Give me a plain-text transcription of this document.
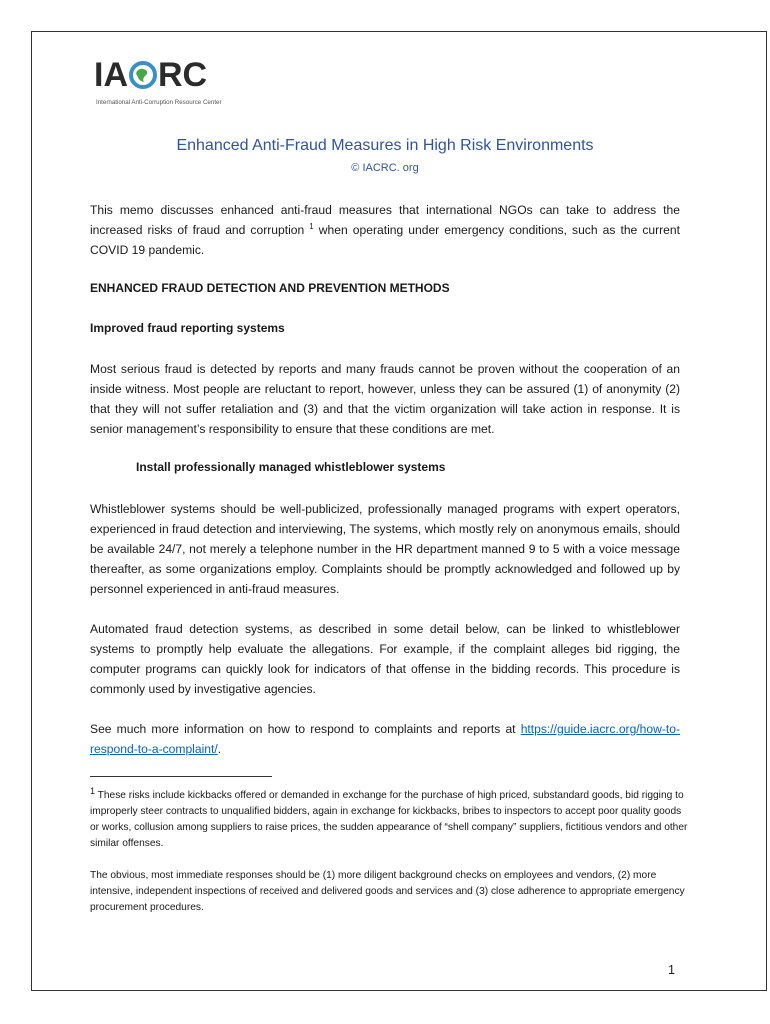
IA RC
International Anti-Corruption Resource Center
Enhanced Anti-Fraud Measures in High Risk Environments
© IACRC. org
This memo discusses enhanced anti-fraud measures that international NGOs can take to address the increased risks of fraud and corruption $^1$ when operating under emergency conditions, such as the current COVID 19 pandemic.
ENHANCED FRAUD DETECTION AND PREVENTION METHODS
Improved fraud reporting systems
Most serious fraud is detected by reports and many frauds cannot be proven without the cooperation of an inside witness. Most people are reluctant to report, however, unless they can be assured (1) of anonymity (2) that they will not suffer retaliation and (3) and that the victim organization will take action in response. It is senior management’s responsibility to ensure that these conditions are met.
Install professionally managed whistleblower systems
Whistleblower systems should be well-publicized, professionally managed programs with expert operators, experienced in fraud detection and interviewing, The systems, which mostly rely on anonymous emails, should be available 24/7, not merely a telephone number in the HR department manned 9 to 5 with a voice message thereafter, as some organizations employ. Complaints should be promptly acknowledged and followed up by personnel experienced in anti-fraud measures.
Automated fraud detection systems, as described in some detail below, can be linked to whistleblower systems to promptly help evaluate the allegations. For example, if the complaint alleges bid rigging, the computer programs can quickly look for indicators of that offense in the bidding records. This procedure is commonly used by investigative agencies.
See much more information on how to respond to complaints and reports at https://guide.iacrc.org/how-to-respond-to-a-complaint/.
$^1$ These risks include kickbacks offered or demanded in exchange for the purchase of high priced, substandard goods, bid rigging to improperly steer contracts to unqualified bidders, again in exchange for kickbacks, bribes to inspectors to accept poor quality goods or works, collusion among suppliers to raise prices, the sudden appearance of “shell company” suppliers, fictitious vendors and other similar offenses.
The obvious, most immediate responses should be (1) more diligent background checks on employees and vendors, (2) more intensive, independent inspections of received and delivered goods and services and (3) close adherence to appropriate emergency procurement procedures.
1
